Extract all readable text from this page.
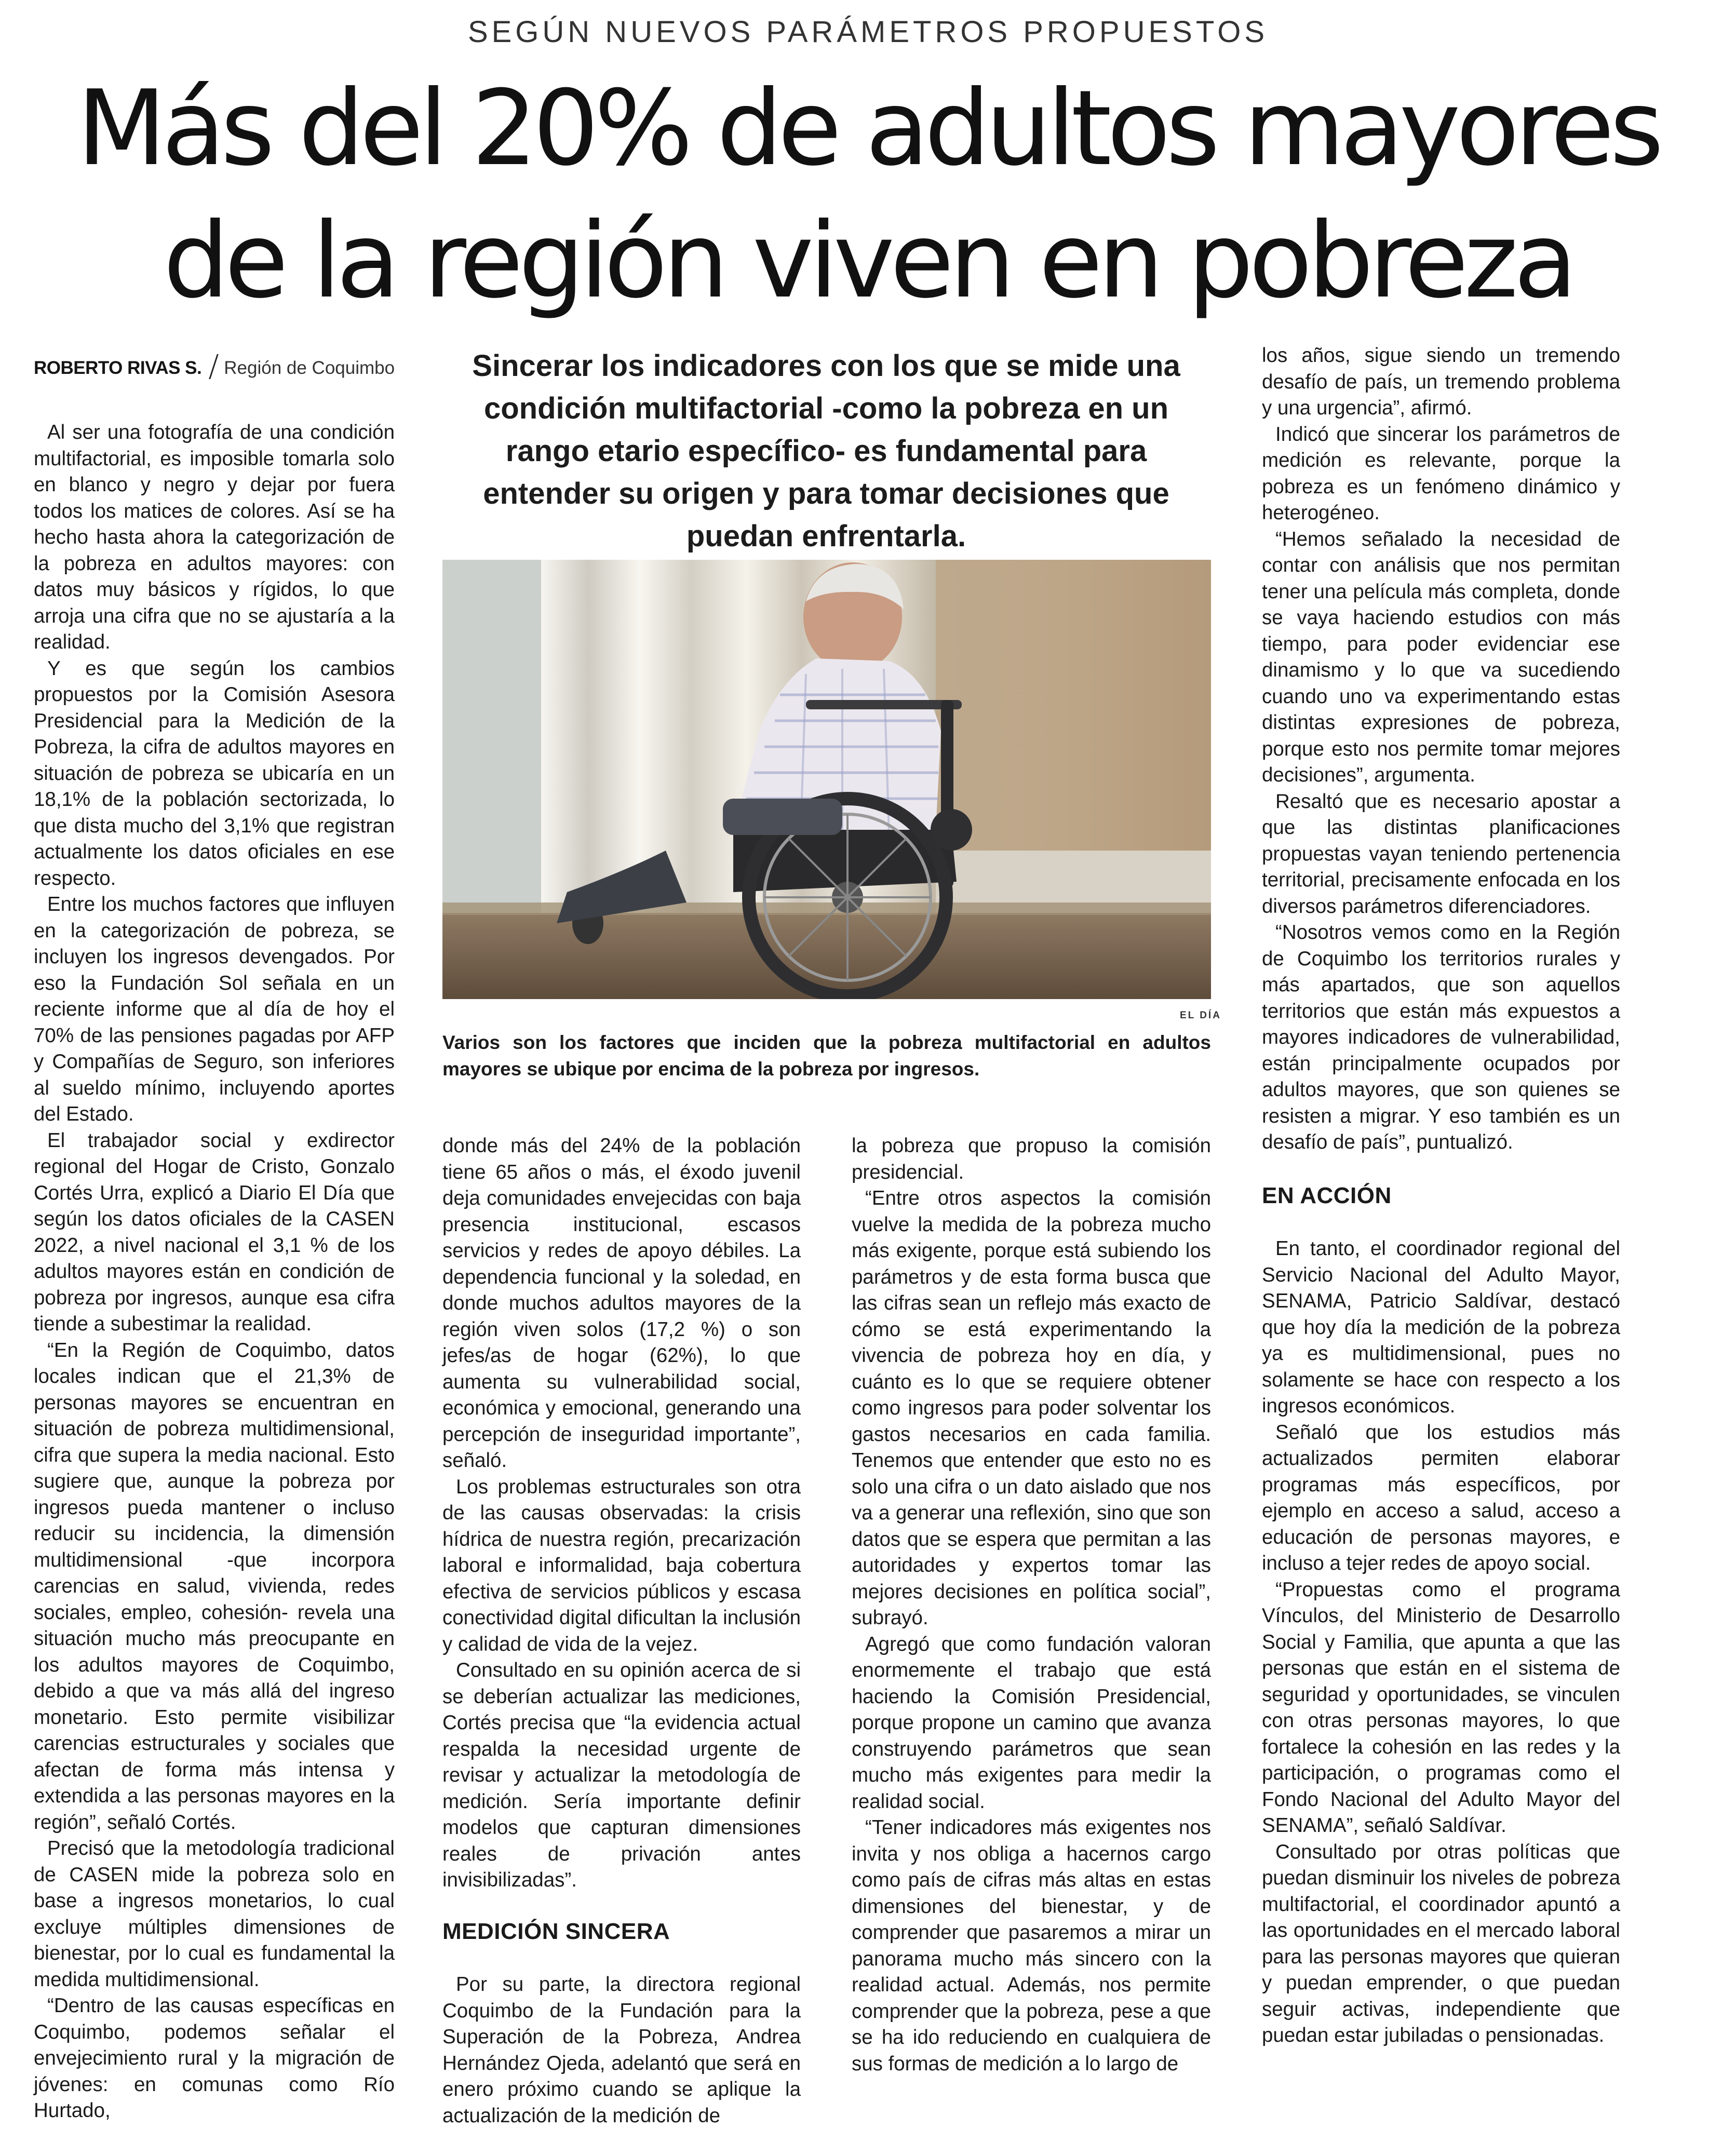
SEGÚN NUEVOS PARÁMETROS PROPUESTOS
Más del 20% de adultos mayores
de la región viven en pobreza
ROBERTO RIVAS S. Región de Coquimbo

Al ser una fotografía de una condición multifactorial, es imposible tomarla solo en blanco y negro y dejar por fuera todos los matices de colores. Así se ha hecho hasta ahora la categorización de la pobreza en adultos mayores: con datos muy básicos y rígidos, lo que arroja una cifra que no se ajustaría a la realidad.

Y es que según los cambios propuestos por la Comisión Asesora Presidencial para la Medición de la Pobreza, la cifra de adultos mayores en situación de pobreza se ubicaría en un 18,1% de la población sectorizada, lo que dista mucho del 3,1% que registran actualmente los datos oficiales en ese respecto.

Entre los muchos factores que influyen en la categorización de pobreza, se incluyen los ingresos devengados. Por eso la Fundación Sol señala en un reciente informe que al día de hoy el 70% de las pensiones pagadas por AFP y Compañías de Seguro, son inferiores al sueldo mínimo, incluyendo aportes del Estado.

El trabajador social y exdirector regional del Hogar de Cristo, Gonzalo Cortés Urra, explicó a Diario El Día que según los datos oficiales de la CASEN 2022, a nivel nacional el 3,1 % de los adultos mayores están en condición de pobreza por ingresos, aunque esa cifra tiende a subestimar la realidad.

“En la Región de Coquimbo, datos locales indican que el 21,3% de personas mayores se encuentran en situación de pobreza multidimensional, cifra que supera la media nacional. Esto sugiere que, aunque la pobreza por ingresos pueda mantener o incluso reducir su incidencia, la dimensión multidimensional -que incorpora carencias en salud, vivienda, redes sociales, empleo, cohesión- revela una situación mucho más preocupante en los adultos mayores de Coquimbo, debido a que va más allá del ingreso monetario. Esto permite visibilizar carencias estructurales y sociales que afectan de forma más intensa y extendida a las personas mayores en la región”, señaló Cortés.

Precisó que la metodología tradicional de CASEN mide la pobreza solo en base a ingresos monetarios, lo cual excluye múltiples dimensiones de bienestar, por lo cual es fundamental la medida multidimensional.

“Dentro de las causas específicas en Coquimbo, podemos señalar el envejecimiento rural y la migración de jóvenes: en comunas como Río Hurtado,

Sincerar los indicadores con los que se mide una condición multifactorial -como la pobreza en un rango etario específico- es fundamental para entender su origen y para tomar decisiones que puedan enfrentarla.
EL DÍA
Varios son los factores que inciden que la pobreza multifactorial en adultos mayores se ubique por encima de la pobreza por ingresos.

donde más del 24% de la población tiene 65 años o más, el éxodo juvenil deja comunidades envejecidas con baja presencia institucional, escasos servicios y redes de apoyo débiles. La dependencia funcional y la soledad, en donde muchos adultos mayores de la región viven solos (17,2 %) o son jefes/as de hogar (62%), lo que aumenta su vulnerabilidad social, económica y emocional, generando una percepción de inseguridad importante”, señaló.

Los problemas estructurales son otra de las causas observadas: la crisis hídrica de nuestra región, precarización laboral e informalidad, baja cobertura efectiva de servicios públicos y escasa conectividad digital dificultan la inclusión y calidad de vida de la vejez.

Consultado en su opinión acerca de si se deberían actualizar las mediciones, Cortés precisa que “la evidencia actual respalda la necesidad urgente de revisar y actualizar la metodología de medición. Sería importante definir modelos que capturan dimensiones reales de privación antes invisibilizadas”.

MEDICIÓN SINCERA

Por su parte, la directora regional Coquimbo de la Fundación para la Superación de la Pobreza, Andrea Hernández Ojeda, adelantó que será en enero próximo cuando se aplique la actualización de la medición de

la pobreza que propuso la comisión presidencial.

“Entre otros aspectos la comisión vuelve la medida de la pobreza mucho más exigente, porque está subiendo los parámetros y de esta forma busca que las cifras sean un reflejo más exacto de cómo se está experimentando la vivencia de pobreza hoy en día, y cuánto es lo que se requiere obtener como ingresos para poder solventar los gastos necesarios en cada familia. Tenemos que entender que esto no es solo una cifra o un dato aislado que nos va a generar una reflexión, sino que son datos que se espera que permitan a las autoridades y expertos tomar las mejores decisiones en política social”, subrayó.

Agregó que como fundación valoran enormemente el trabajo que está haciendo la Comisión Presidencial, porque propone un camino que avanza construyendo parámetros que sean mucho más exigentes para medir la realidad social.

“Tener indicadores más exigentes nos invita y nos obliga a hacernos cargo como país de cifras más altas en estas dimensiones del bienestar, y de comprender que pasaremos a mirar un panorama mucho más sincero con la realidad actual. Además, nos permite comprender que la pobreza, pese a que se ha ido reduciendo en cualquiera de sus formas de medición a lo largo de

los años, sigue siendo un tremendo desafío de país, un tremendo problema y una urgencia”, afirmó.

Indicó que sincerar los parámetros de medición es relevante, porque la pobreza es un fenómeno dinámico y heterogéneo.

“Hemos señalado la necesidad de contar con análisis que nos permitan tener una película más completa, donde se vaya haciendo estudios con más tiempo, para poder evidenciar ese dinamismo y lo que va sucediendo cuando uno va experimentando estas distintas expresiones de pobreza, porque esto nos permite tomar mejores decisiones”, argumenta.

Resaltó que es necesario apostar a que las distintas planificaciones propuestas vayan teniendo pertenencia territorial, precisamente enfocada en los diversos parámetros diferenciadores.

“Nosotros vemos como en la Región de Coquimbo los territorios rurales y más apartados, que son aquellos territorios que están más expuestos a mayores indicadores de vulnerabilidad, están principalmente ocupados por adultos mayores, que son quienes se resisten a migrar. Y eso también es un desafío de país”, puntualizó.

EN ACCIÓN

En tanto, el coordinador regional del Servicio Nacional del Adulto Mayor, SENAMA, Patricio Saldívar, destacó que hoy día la medición de la pobreza ya es multidimensional, pues no solamente se hace con respecto a los ingresos económicos.

Señaló que los estudios más actualizados permiten elaborar programas más específicos, por ejemplo en acceso a salud, acceso a educación de personas mayores, e incluso a tejer redes de apoyo social.

“Propuestas como el programa Vínculos, del Ministerio de Desarrollo Social y Familia, que apunta a que las personas que están en el sistema de seguridad y oportunidades, se vinculen con otras personas mayores, lo que fortalece la cohesión en las redes y la participación, o programas como el Fondo Nacional del Adulto Mayor del SENAMA”, señaló Saldívar.

Consultado por otras políticas que puedan disminuir los niveles de pobreza multifactorial, el coordinador apuntó a las oportunidades en el mercado laboral para las personas mayores que quieran y puedan emprender, o que puedan seguir activas, independiente que puedan estar jubiladas o pensionadas.
